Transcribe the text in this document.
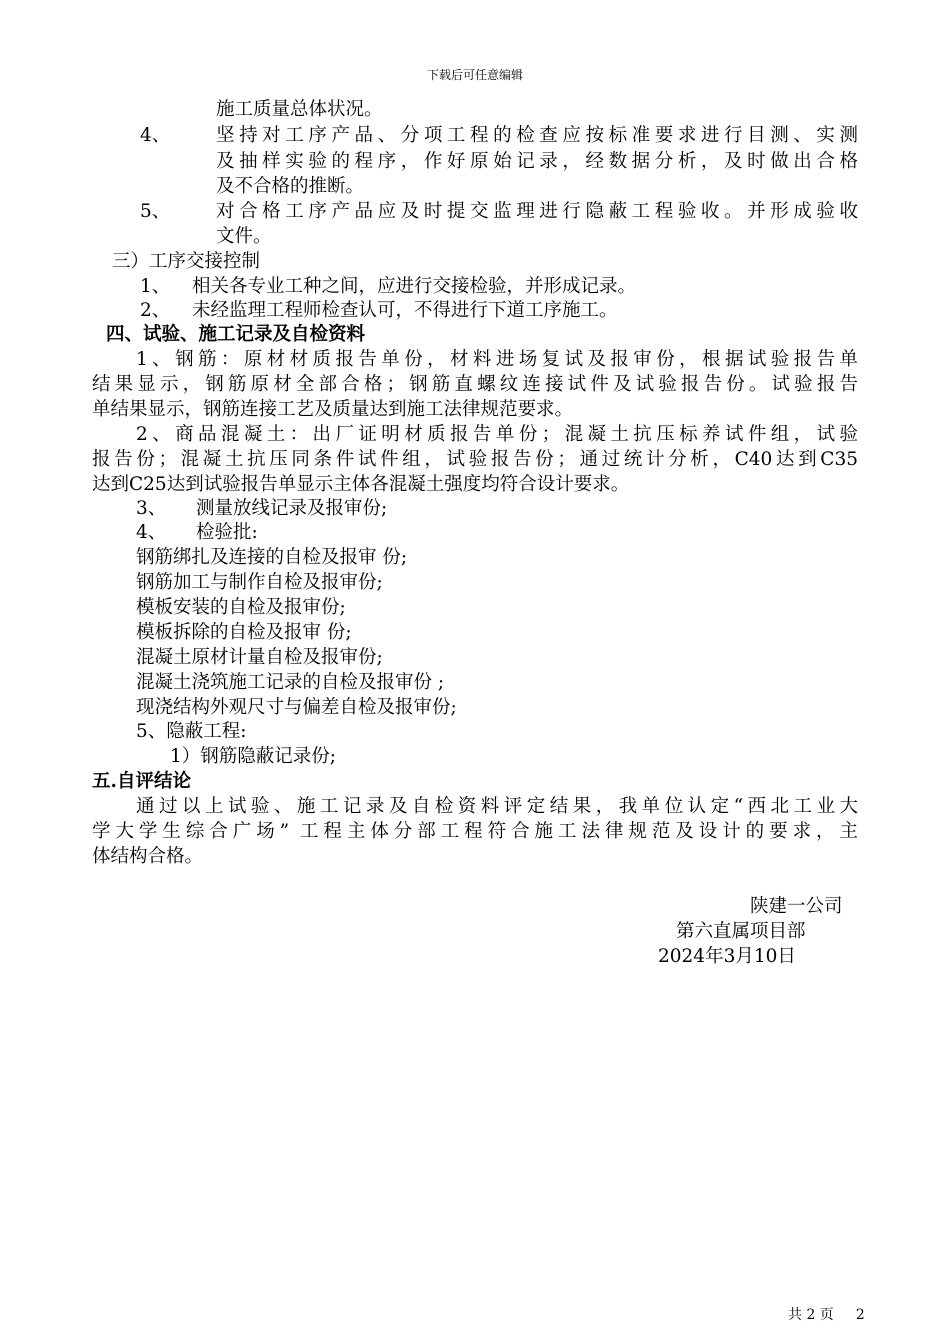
下载后可任意编辑
施工质量总体状况。
4、 坚持对工序产品、分项工程的检查应按标准要求进行目测、实测
及抽样实验的程序，作好原始记录，经数据分析，及时做出合格
及不合格的推断。
5、 对合格工序产品应及时提交监理进行隐蔽工程验收。并形成验收
文件。
三）工序交接控制
1、 相关各专业工种之间，应进行交接检验，并形成记录。
2、 未经监理工程师检查认可，不得进行下道工序施工。
四、试验、施工记录及自检资料
1、钢筋：原材材质报告单份，材料进场复试及报审份，根据试验报告单
结果显示，钢筋原材全部合格；钢筋直螺纹连接试件及试验报告份。试验报告
单结果显示，钢筋连接工艺及质量达到施工法律规范要求。
2、商品混凝土：出厂证明材质报告单份；混凝土抗压标养试件组，试验
报告份；混凝土抗压同条件试件组，试验报告份；通过统计分析，C40达到C35
达到C25达到试验报告单显示主体各混凝土强度均符合设计要求。
3、 测量放线记录及报审份;
4、 检验批:
钢筋绑扎及连接的自检及报审 份;
钢筋加工与制作自检及报审份;
模板安装的自检及报审份;
模板拆除的自检及报审 份;
混凝土原材计量自检及报审份;
混凝土浇筑施工记录的自检及报审份 ;
现浇结构外观尺寸与偏差自检及报审份;
5、隐蔽工程:
1）钢筋隐蔽记录份;
五.自评结论
通过以上试验、施工记录及自检资料评定结果，我单位认定“西北工业大
学大学生综合广场” 工程主体分部工程符合施工法律规范及设计的要求，主
体结构合格。
陕建一公司
第六直属项目部
2024年3月10日
共 2 页 2
